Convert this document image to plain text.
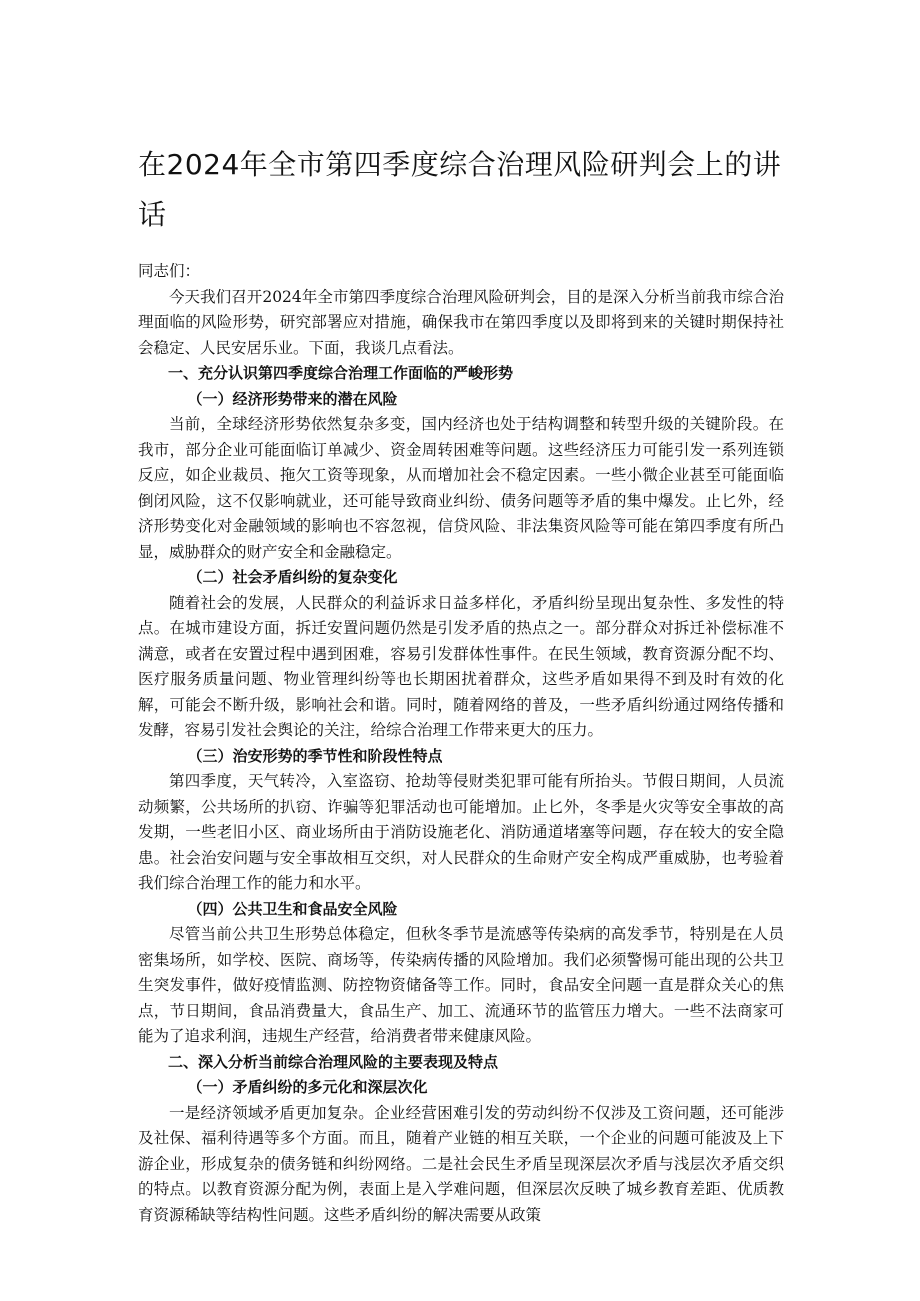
在2024年全市第四季度综合治理风险研判会上的讲话
同志们：

今天我们召开2024年全市第四季度综合治理风险研判会，目的是深入分析当前我市综合治理面临的风险形势，研究部署应对措施，确保我市在第四季度以及即将到来的关键时期保持社会稳定、人民安居乐业。下面，我谈几点看法。

一、充分认识第四季度综合治理工作面临的严峻形势

（一）经济形势带来的潜在风险

当前，全球经济形势依然复杂多变，国内经济也处于结构调整和转型升级的关键阶段。在我市，部分企业可能面临订单减少、资金周转困难等问题。这些经济压力可能引发一系列连锁反应，如企业裁员、拖欠工资等现象，从而增加社会不稳定因素。一些小微企业甚至可能面临倒闭风险，这不仅影响就业，还可能导致商业纠纷、债务问题等矛盾的集中爆发。止匕外，经济形势变化对金融领域的影响也不容忽视，信贷风险、非法集资风险等可能在第四季度有所凸显，威胁群众的财产安全和金融稳定。

（二）社会矛盾纠纷的复杂变化

随着社会的发展，人民群众的利益诉求日益多样化，矛盾纠纷呈现出复杂性、多发性的特点。在城市建设方面，拆迁安置问题仍然是引发矛盾的热点之一。部分群众对拆迁补偿标准不满意，或者在安置过程中遇到困难，容易引发群体性事件。在民生领域，教育资源分配不均、医疗服务质量问题、物业管理纠纷等也长期困扰着群众，这些矛盾如果得不到及时有效的化解，可能会不断升级，影响社会和谐。同时，随着网络的普及，一些矛盾纠纷通过网络传播和发酵，容易引发社会舆论的关注，给综合治理工作带来更大的压力。

（三）治安形势的季节性和阶段性特点

第四季度，天气转冷，入室盗窃、抢劫等侵财类犯罪可能有所抬头。节假日期间，人员流动频繁，公共场所的扒窃、诈骗等犯罪活动也可能增加。止匕外，冬季是火灾等安全事故的高发期，一些老旧小区、商业场所由于消防设施老化、消防通道堵塞等问题，存在较大的安全隐患。社会治安问题与安全事故相互交织，对人民群众的生命财产安全构成严重威胁，也考验着我们综合治理工作的能力和水平。

（四）公共卫生和食品安全风险

尽管当前公共卫生形势总体稳定，但秋冬季节是流感等传染病的高发季节，特别是在人员密集场所，如学校、医院、商场等，传染病传播的风险增加。我们必须警惕可能出现的公共卫生突发事件，做好疫情监测、防控物资储备等工作。同时，食品安全问题一直是群众关心的焦点，节日期间，食品消费量大，食品生产、加工、流通环节的监管压力增大。一些不法商家可能为了追求利润，违规生产经营，给消费者带来健康风险。

二、深入分析当前综合治理风险的主要表现及特点

（一）矛盾纠纷的多元化和深层次化

一是经济领域矛盾更加复杂。企业经营困难引发的劳动纠纷不仅涉及工资问题，还可能涉及社保、福利待遇等多个方面。而且，随着产业链的相互关联，一个企业的问题可能波及上下游企业，形成复杂的债务链和纠纷网络。二是社会民生矛盾呈现深层次矛盾与浅层次矛盾交织的特点。以教育资源分配为例，表面上是入学难问题，但深层次反映了城乡教育差距、优质教育资源稀缺等结构性问题。这些矛盾纠纷的解决需要从政策
